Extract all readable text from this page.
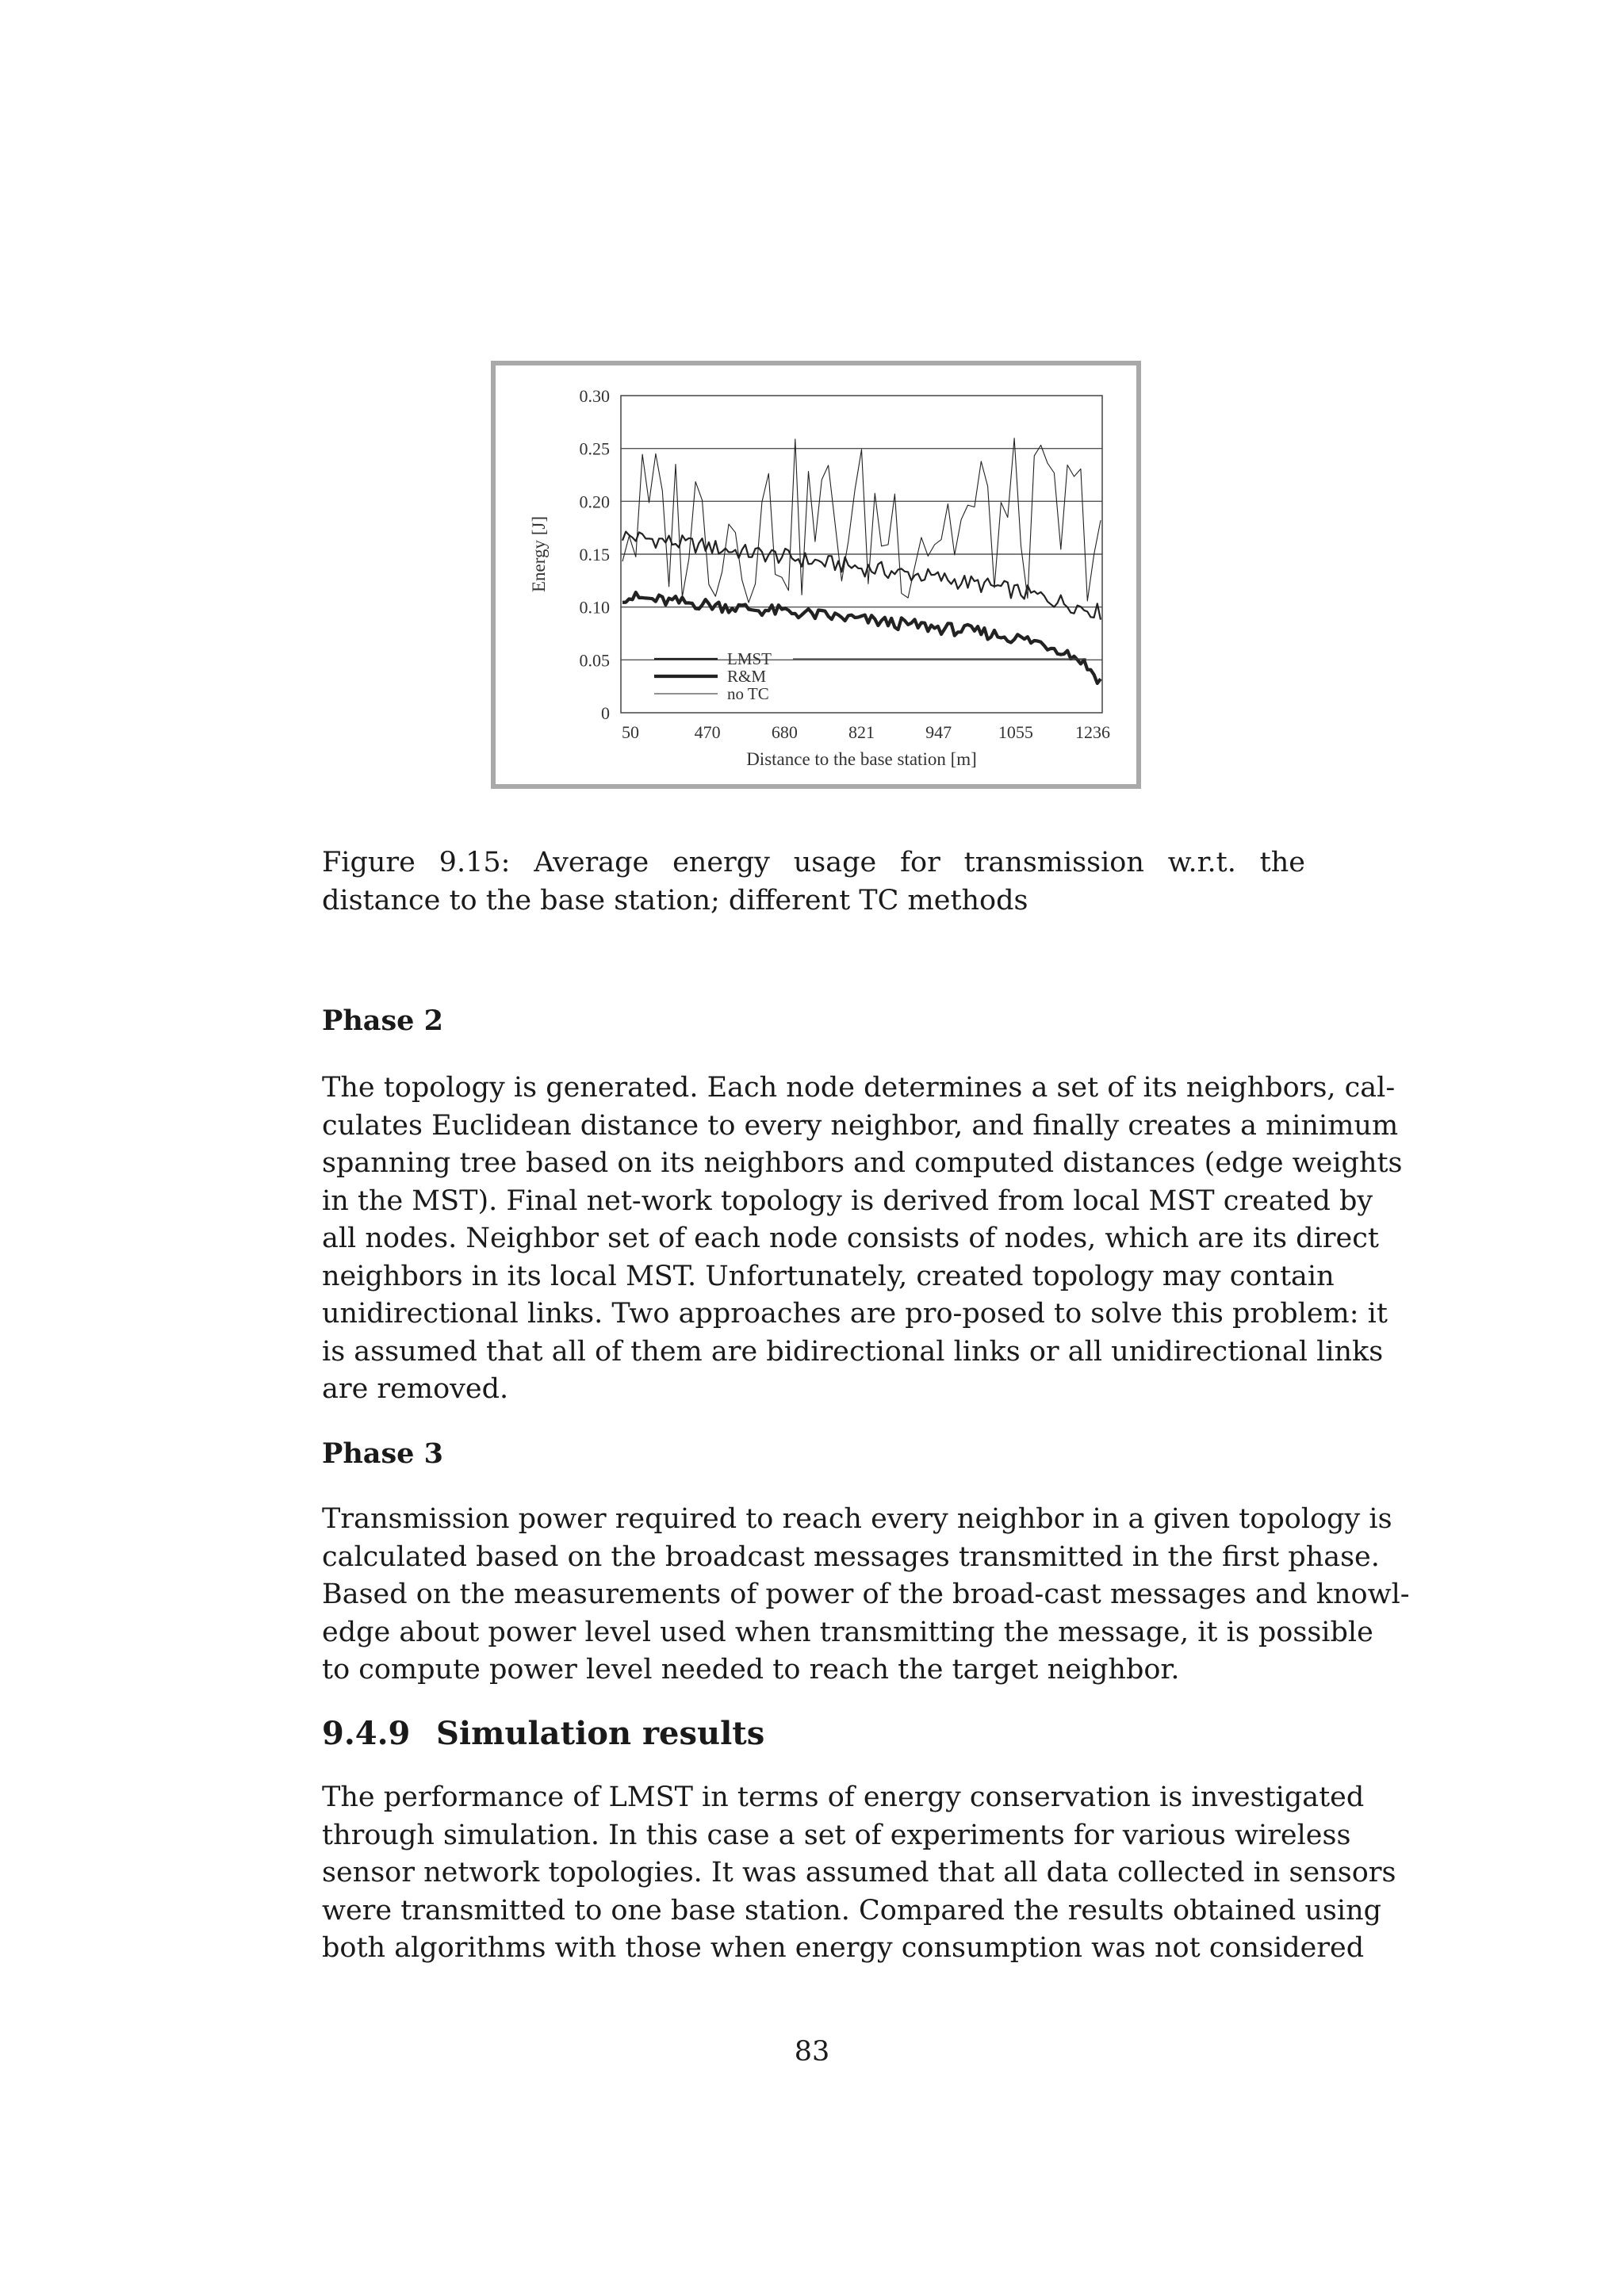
0
0.05
0.10
0.15
0.20
0.25
0.30
50	470	680	821	947	1055 1236
Distance to the base station [m]
Energy [J]
LMST
R&M
no TC
Figure 9.15: Average energy usage for transmission w.r.t. the distance to the base station; different TC methods
Phase 2
The topology is generated. Each node determines a set of its neighbors, cal-
culates Euclidean distance to every neighbor, and finally creates a minimum
spanning tree based on its neighbors and computed distances (edge weights
in the MST). Final net-work topology is derived from local MST created by
all nodes. Neighbor set of each node consists of nodes, which are its direct
neighbors in its local MST. Unfortunately, created topology may contain
unidirectional links. Two approaches are pro-posed to solve this problem: it
is assumed that all of them are bidirectional links or all unidirectional links
are removed.
Phase 3
Transmission power required to reach every neighbor in a given topology is
calculated based on the broadcast messages transmitted in the first phase.
Based on the measurements of power of the broad-cast messages and knowl-
edge about power level used when transmitting the message, it is possible
to compute power level needed to reach the target neighbor.
9.4.9 Simulation results
The performance of LMST in terms of energy conservation is investigated
through simulation. In this case a set of experiments for various wireless
sensor network topologies. It was assumed that all data collected in sensors
were transmitted to one base station. Compared the results obtained using
both algorithms with those when energy consumption was not considered
83
